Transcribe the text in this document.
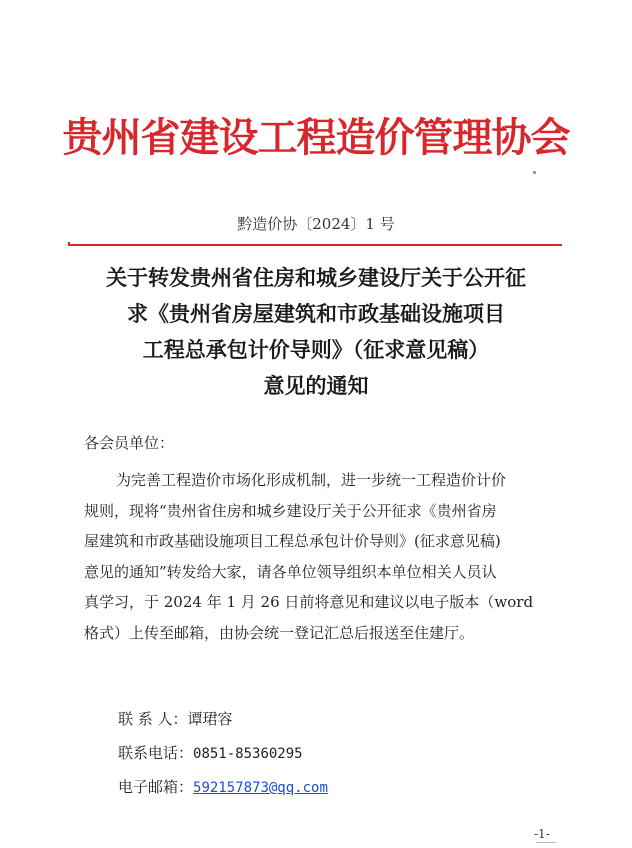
贵州省建设工程造价管理协会
黔造价协〔2024〕1 号
关于转发贵州省住房和城乡建设厅关于公开征
求《贵州省房屋建筑和市政基础设施项目
工程总承包计价导则》（征求意见稿）
意见的通知
各会员单位：
为完善工程造价市场化形成机制，进一步统一工程造价计价
规则，现将“贵州省住房和城乡建设厅关于公开征求《贵州省房
屋建筑和市政基础设施项目工程总承包计价导则》(征求意见稿)
意见的通知”转发给大家，请各单位领导组织本单位相关人员认
真学习，于 2024 年 1 月 26 日前将意见和建议以电子版本（word
格式）上传至邮箱，由协会统一登记汇总后报送至住建厅。
联 系 人：谭珺容
联系电话：0851-85360295
电子邮箱：592157873@qq.com
-1-
